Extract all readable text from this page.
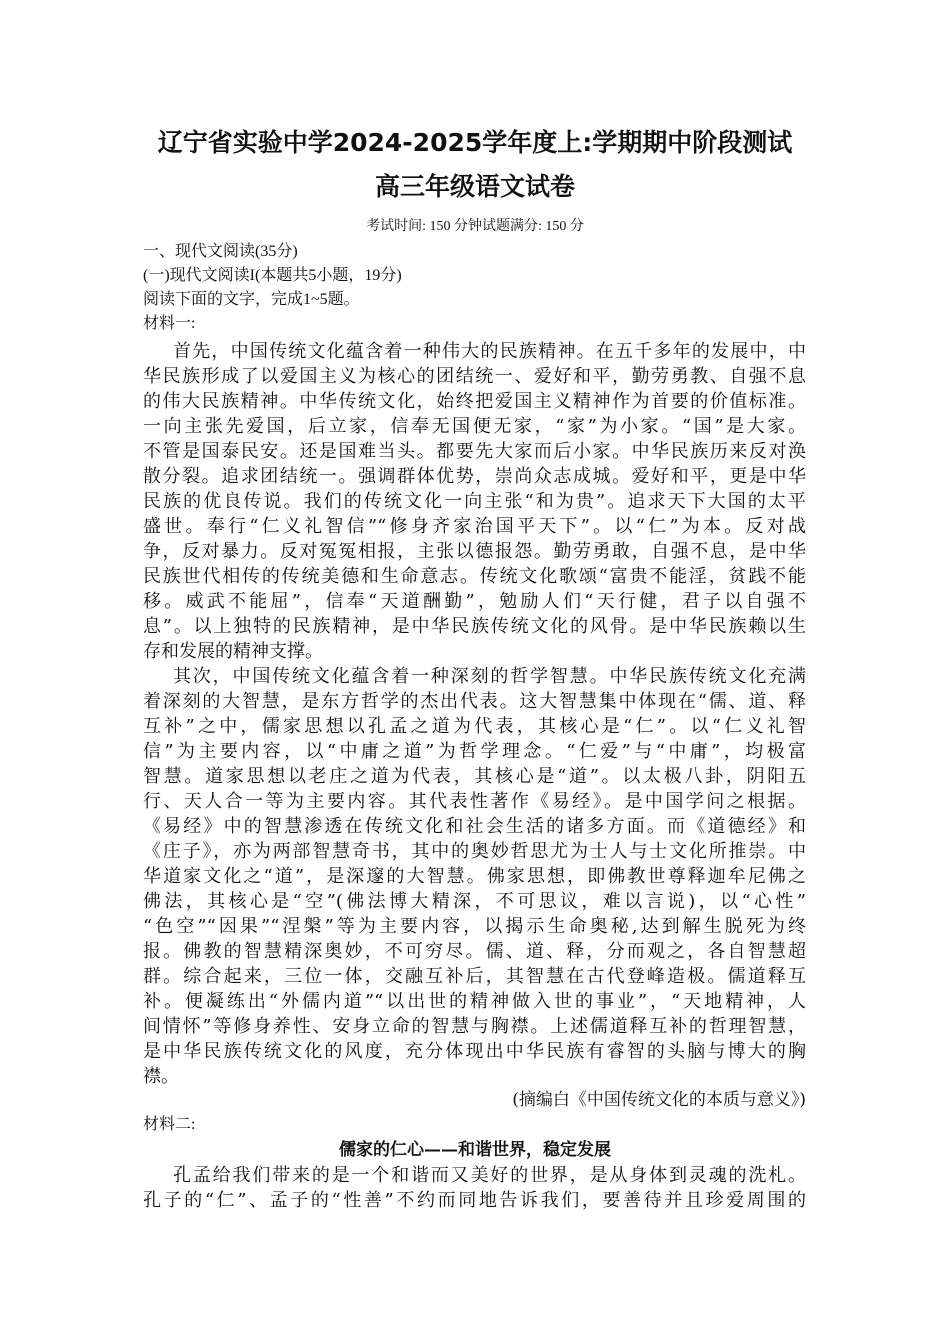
辽宁省实验中学2024-2025学年度上:学期期中阶段测试
高三年级语文试卷
考试时间: 150 分钟试题满分: 150 分
一、现代文阅读(35分)
(一)现代文阅读I(本题共5小题，19分)
阅读下面的文字，完成1~5题。
材料一:
首先，中国传统文化蕴含着一种伟大的民族精神。在五千多年的发展中，中
华民族形成了以爱国主义为核心的团结统一、爱好和平，勤劳勇教、自强不息
的伟大民族精神。中华传统文化，始终把爱国主义精神作为首要的价值标准。
一向主张先爱国，后立家，信奉无国便无家，“家”为小家。“国”是大家。
不管是国泰民安。还是国难当头。都要先大家而后小家。中华民族历来反对涣
散分裂。追求团结统一。强调群体优势，崇尚众志成城。爱好和平，更是中华
民族的优良传说。我们的传统文化一向主张“和为贵”。追求天下大国的太平
盛世。奉行“仁义礼智信”“修身齐家治国平天下”。以“仁”为本。反对战
争，反对暴力。反对冤冤相报，主张以德报怨。勤劳勇敢，自强不息，是中华
民族世代相传的传统美德和生命意志。传统文化歌颂“富贵不能淫，贫践不能
移。威武不能屈”，信奉“天道酬勤”，勉励人们“天行健，君子以自强不
息”。以上独特的民族精神，是中华民族传统文化的风骨。是中华民族赖以生
存和发展的精神支撑。
其次，中国传统文化蕴含着一种深刻的哲学智慧。中华民族传统文化充满
着深刻的大智慧，是东方哲学的杰出代表。这大智慧集中体现在“儒、道、释
互补”之中，儒家思想以孔孟之道为代表，其核心是“仁”。以“仁义礼智
信”为主要内容，以“中庸之道”为哲学理念。“仁爱”与“中庸”，均极富
智慧。道家思想以老庄之道为代表，其核心是“道”。以太极八卦，阴阳五
行、天人合一等为主要内容。其代表性著作《易经》。是中国学问之根据。
《易经》中的智慧渗透在传统文化和社会生活的诸多方面。而《道德经》和
《庄子》，亦为两部智慧奇书，其中的奥妙哲思尤为士人与士文化所推崇。中
华道家文化之“道”，是深邃的大智慧。佛家思想，即佛教世尊释迦牟尼佛之
佛法，其核心是“空”(佛法博大精深，不可思议，难以言说)，以“心性”
“色空”“因果”“涅槃”等为主要内容，以揭示生命奥秘,达到解生脱死为终
报。佛教的智慧精深奥妙，不可穷尽。儒、道、释，分而观之，各自智慧超
群。综合起来，三位一体，交融互补后，其智慧在古代登峰造极。儒道释互
补。便凝练出“外儒内道”“以出世的精神做入世的事业”，“天地精神，人
间情怀”等修身养性、安身立命的智慧与胸襟。上述儒道释互补的哲理智慧，
是中华民族传统文化的风度，充分体现出中华民族有睿智的头脑与博大的胸
襟。
(摘编白《中国传统文化的本质与意义》)
材料二:
儒家的仁心——和谐世界，稳定发展
孔孟给我们带来的是一个和谐而又美好的世界，是从身体到灵魂的洗札。
孔子的“仁”、孟子的“性善”不约而同地告诉我们，要善待并且珍爱周围的
